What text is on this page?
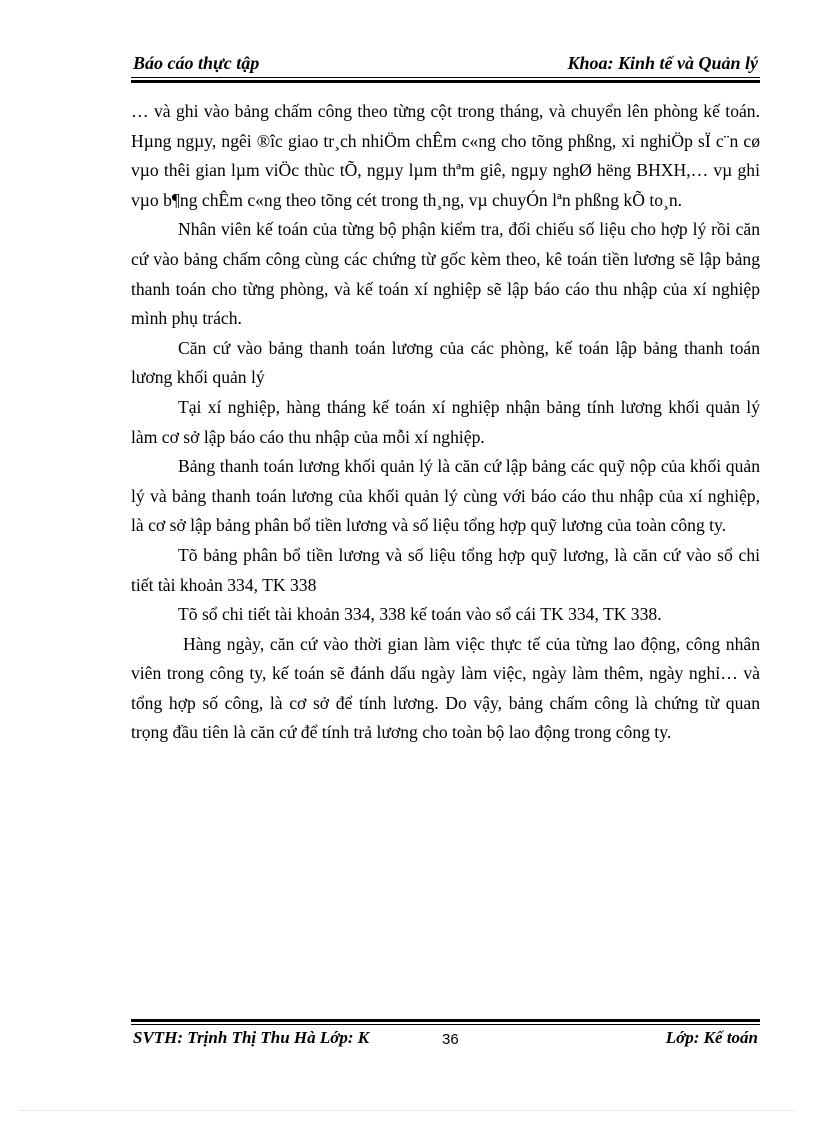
Báo cáo thực tập	Khoa: Kinh tế và Quản lý

… và ghi vào bảng chấm công theo từng cột trong tháng, và chuyển lên phòng kế toán. Hµng ngµy, ngêi ®îc giao tr¸ch nhiÖm chÊm c«ng cho tõng phßng, xi nghiÖp sÏ c¨n cø vµo thêi gian lµm viÖc thùc tÕ, ngµy lµm thªm giê, ngµy nghØ hëng BHXH,… vµ ghi vµo b¶ng chÊm c«ng theo tõng cét trong th¸ng, vµ chuyÓn lªn phßng kÕ to¸n.

Nhân viên kế toán của từng bộ phận kiểm tra, đối chiếu số liệu cho hợp lý rồi căn cứ vào bảng chấm công cùng các chứng từ gốc kèm theo, kê toán tiền lương sẽ lập bảng thanh toán cho từng phòng, và kế toán xí nghiệp sẽ lập báo cáo thu nhập của xí nghiệp mình phụ trách.

Căn cứ vào bảng thanh toán lương của các phòng, kế toán lập bảng thanh toán lương khối quản lý

Tại xí nghiệp, hàng tháng kế toán xí nghiệp nhận bảng tính lương khối quản lý làm cơ sở lập báo cáo thu nhập của mỗi xí nghiệp.

Bảng thanh toán lương khối quản lý là căn cứ lập bảng các quỹ nộp của khối quản lý và bảng thanh toán lương của khối quản lý cùng với báo cáo thu nhập của xí nghiệp, là cơ sở lập bảng phân bổ tiền lương và số liệu tổng hợp quỹ lương của toàn công ty.

Tõ bảng phân bổ tiền lương và số liệu tổng hợp quỹ lương, là căn cứ vào sổ chi tiết tài khoản 334, TK 338

Tõ sổ chi tiết tài khoản 334, 338 kế toán vào sổ cái TK 334, TK 338.

Hàng ngày, căn cứ vào thời gian làm việc thực tế của từng lao động, công nhân viên trong công ty, kế toán sẽ đánh dấu ngày làm việc, ngày làm thêm, ngày nghỉ… và tổng hợp số công, là cơ sở để tính lương. Do vậy, bảng chấm công là chứng từ quan trọng đầu tiên là căn cứ để tính trả lương cho toàn bộ lao động trong công ty.

SVTH: Trịnh Thị Thu Hà Lớp: K	36	Lớp: Kế toán
